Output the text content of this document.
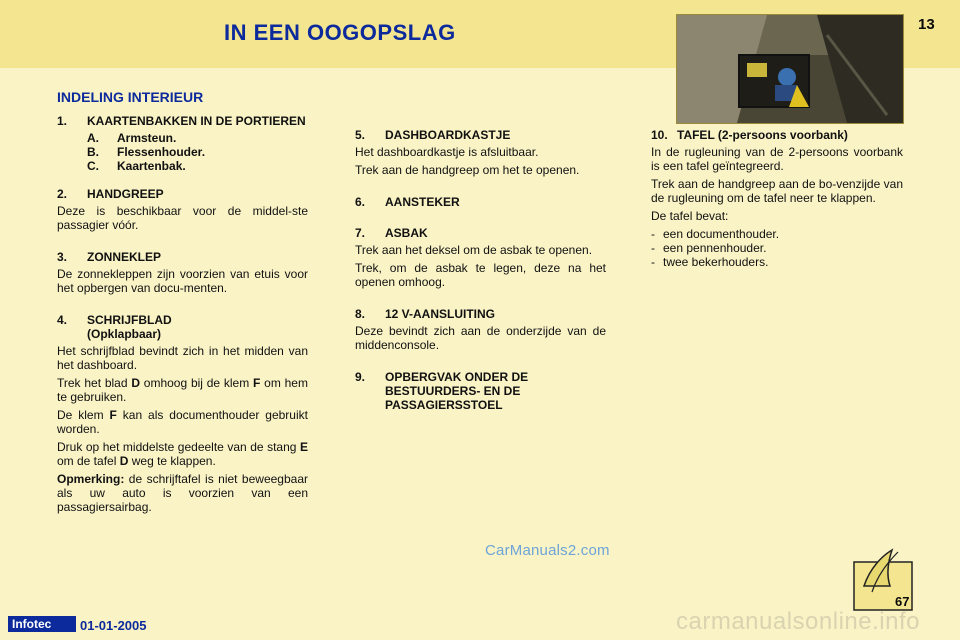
IN EEN OOGOPSLAG	13
INDELING INTERIEUR
1.	KAARTENBAKKEN IN DE PORTIEREN
A.	Armsteun.
B.	Flessenhouder.
C.	Kaartenbak.
2.	HANDGREEP

Deze is beschikbaar voor de middel-ste passagier vóór.

3.	ZONNEKLEP

De zonnekleppen zijn voorzien van etuis voor het opbergen van docu-menten.

4.	SCHRIJFBLAD
(Opklapbaar)

Het schrijfblad bevindt zich in het midden van het dashboard.

Trek het blad D omhoog bij de klem F om hem te gebruiken.

De klem F kan als documenthouder gebruikt worden.

Druk op het middelste gedeelte van de stang E om de tafel D weg te klappen.

Opmerking: de schrijftafel is niet beweegbaar als uw auto is voorzien van een passagiersairbag.

5.	DASHBOARDKASTJE

Het dashboardkastje is afsluitbaar.

Trek aan de handgreep om het te openen.

6.	AANSTEKER
7.	ASBAK

Trek aan het deksel om de asbak te openen.

Trek, om de asbak te legen, deze na het openen omhoog.

8.	12 V-AANSLUITING

Deze bevindt zich aan de onderzijde van de middenconsole.

9.	OPBERGVAK ONDER DE BESTUURDERS- EN DE PASSAGIERSSTOEL
10. TAFEL (2-persoons voorbank)

In de rugleuning van de 2-persoons voorbank is een tafel geïntegreerd.

Trek aan de handgreep aan de bo-venzijde van de rugleuning om de tafel neer te klappen.

De tafel bevat:

- een documenthouder.
- een pennenhouder.
- twee bekerhouders.
CarManuals2.com
67
Infotec	01-01-2005	carmanualsonline.info
